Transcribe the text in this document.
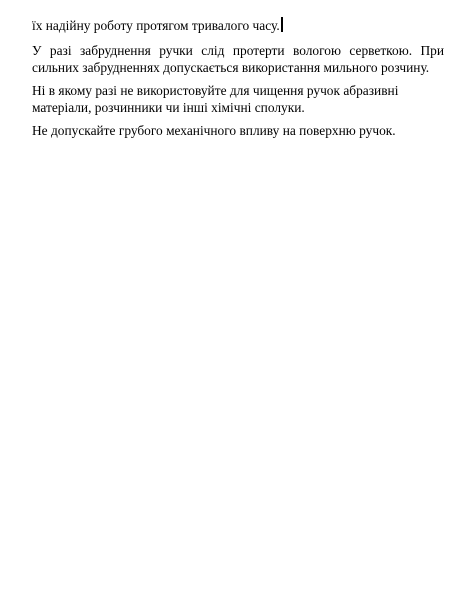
їх надійну роботу протягом тривалого часу.

У разі забруднення ручки слід протерти вологою серветкою. При сильних забрудненнях допускається використання мильного розчину.

Ні в якому разі не використовуйте для чищення ручок абразивні матеріали, розчинники чи інші хімічні сполуки.

Не допускайте грубого механічного впливу на поверхню ручок.
